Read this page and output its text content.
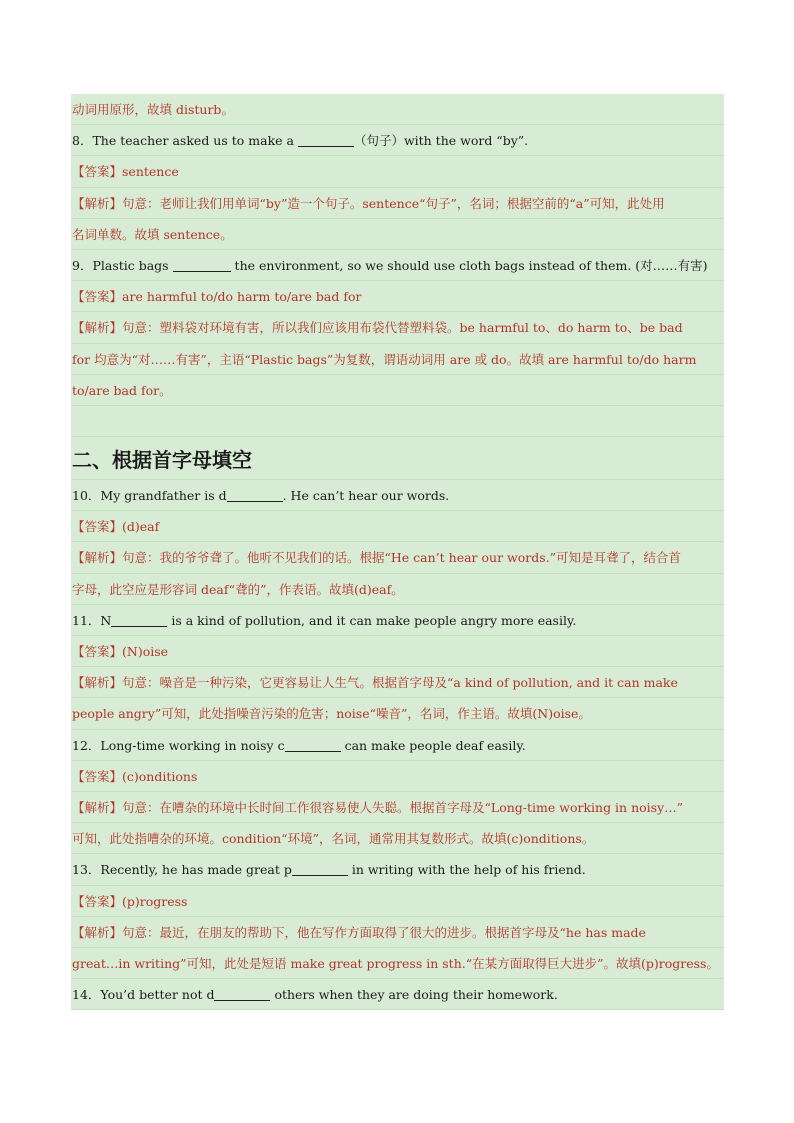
动词用原形，故填 disturb。
8．The teacher asked us to make a	（句子）with the word “by”.
【答案】sentence
【解析】句意：老师让我们用单词“by”造一个句子。sentence“句子”，名词；根据空前的“a”可知，此处用
名词单数。故填 sentence。
9．Plastic bags	the environment, so we should use cloth bags instead of them. (对……有害)
【答案】are harmful to/do harm to/are bad for
【解析】句意：塑料袋对环境有害，所以我们应该用布袋代替塑料袋。be harmful to、do harm to、be bad
for 均意为“对……有害”，主语“Plastic bags”为复数，谓语动词用 are 或 do。故填 are harmful to/do harm
to/are bad for。
二、根据首字母填空
10．My grandfather is d	. He can’t hear our words.
【答案】(d)eaf
【解析】句意：我的爷爷聋了。他听不见我们的话。根据“He can’t hear our words.”可知是耳聋了，结合首
字母，此空应是形容词 deaf“聋的”，作表语。故填(d)eaf。
11．N	is a kind of pollution, and it can make people angry more easily.
【答案】(N)oise
【解析】句意：噪音是一种污染，它更容易让人生气。根据首字母及“a kind of pollution, and it can make
people angry”可知，此处指噪音污染的危害；noise“噪音”，名词，作主语。故填(N)oise。
12．Long-time working in noisy c	can make people deaf easily.
【答案】(c)onditions
【解析】句意：在嘈杂的环境中长时间工作很容易使人失聪。根据首字母及“Long-time working in noisy…”
可知，此处指嘈杂的环境。condition“环境”，名词，通常用其复数形式。故填(c)onditions。
13．Recently, he has made great p	in writing with the help of his friend.
【答案】(p)rogress
【解析】句意：最近，在朋友的帮助下，他在写作方面取得了很大的进步。根据首字母及“he has made
great…in writing”可知，此处是短语 make great progress in sth.“在某方面取得巨大进步”。故填(p)rogress。
14．You’d better not d	others when they are doing their homework.
